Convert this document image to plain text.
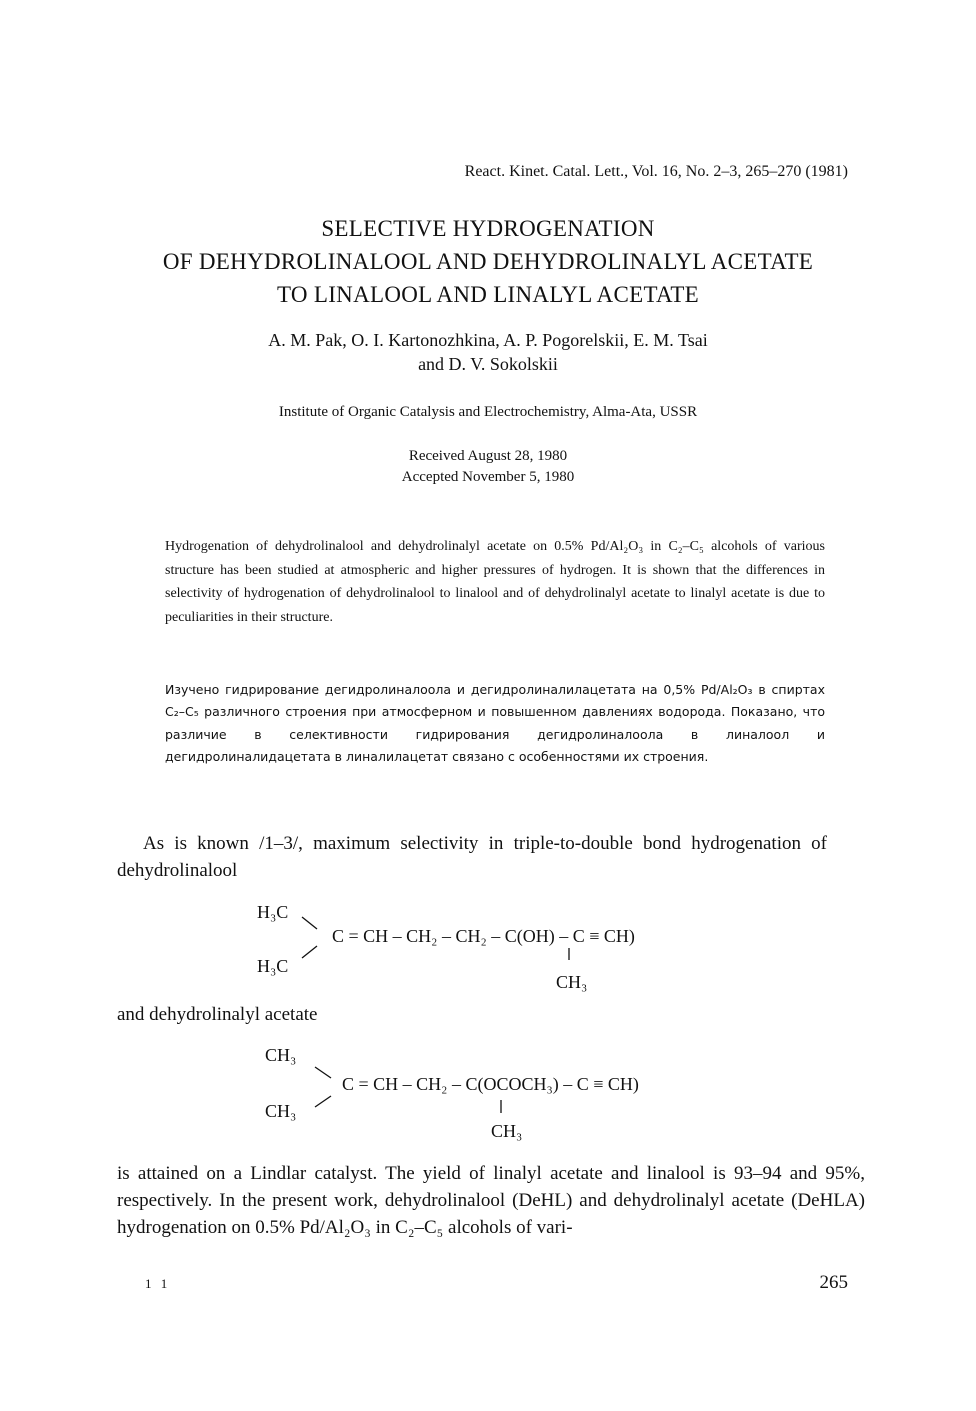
React. Kinet. Catal. Lett., Vol. 16, No. 2–3, 265–270 (1981)
SELECTIVE HYDROGENATION
OF DEHYDROLINALOOL AND DEHYDROLINALYL ACETATE
TO LINALOOL AND LINALYL ACETATE
A. M. Pak, O. I. Kartonozhkina, A. P. Pogorelskii, E. M. Tsai
and D. V. Sokolskii
Institute of Organic Catalysis and Electrochemistry, Alma-Ata, USSR
Received August 28, 1980
Accepted November 5, 1980
Hydrogenation of dehydrolinalool and dehydrolinalyl acetate on 0.5% Pd/Al₂O₃ in C₂–C₅ alcohols of various structure has been studied at atmospheric and higher pressures of hydrogen. It is shown that the differences in selectivity of hydrogenation of dehydrolinalool to linalool and of dehydrolinalyl acetate to linalyl acetate is due to peculiarities in their structure.
Изучено гидрирование дегидролиналоола и дегидролиналилацетата на 0,5% Pd/Al₂O₃ в спиртах C₂–C₅ различного строения при атмосферном и повышенном давлениях водорода. Показано, что различие в селективности гидрирования дегидролиналоола в линалоол и дегидролиналидацетата в линалилацетат связано с особенностями их строения.
As is known /1–3/, maximum selectivity in triple-to-double bond hydrogenation of dehydrolinalool
H₃C
C = CH – CH₂ – CH₂ – C(OH) – C ≡ CH)
H₃C
CH₃
and dehydrolinalyl acetate
CH₃
C = CH – CH₂ – C(OCOCH₃) – C ≡ CH)
CH₃
CH₃
is attained on a Lindlar catalyst. The yield of linalyl acetate and linalool is 93–94 and 95%, respectively. In the present work, dehydrolinalool (DeHL) and dehydrolinalyl acetate (DeHLA) hydrogenation on 0.5% Pd/Al₂O₃ in C₂–C₅ alcohols of vari-
1 1	265
